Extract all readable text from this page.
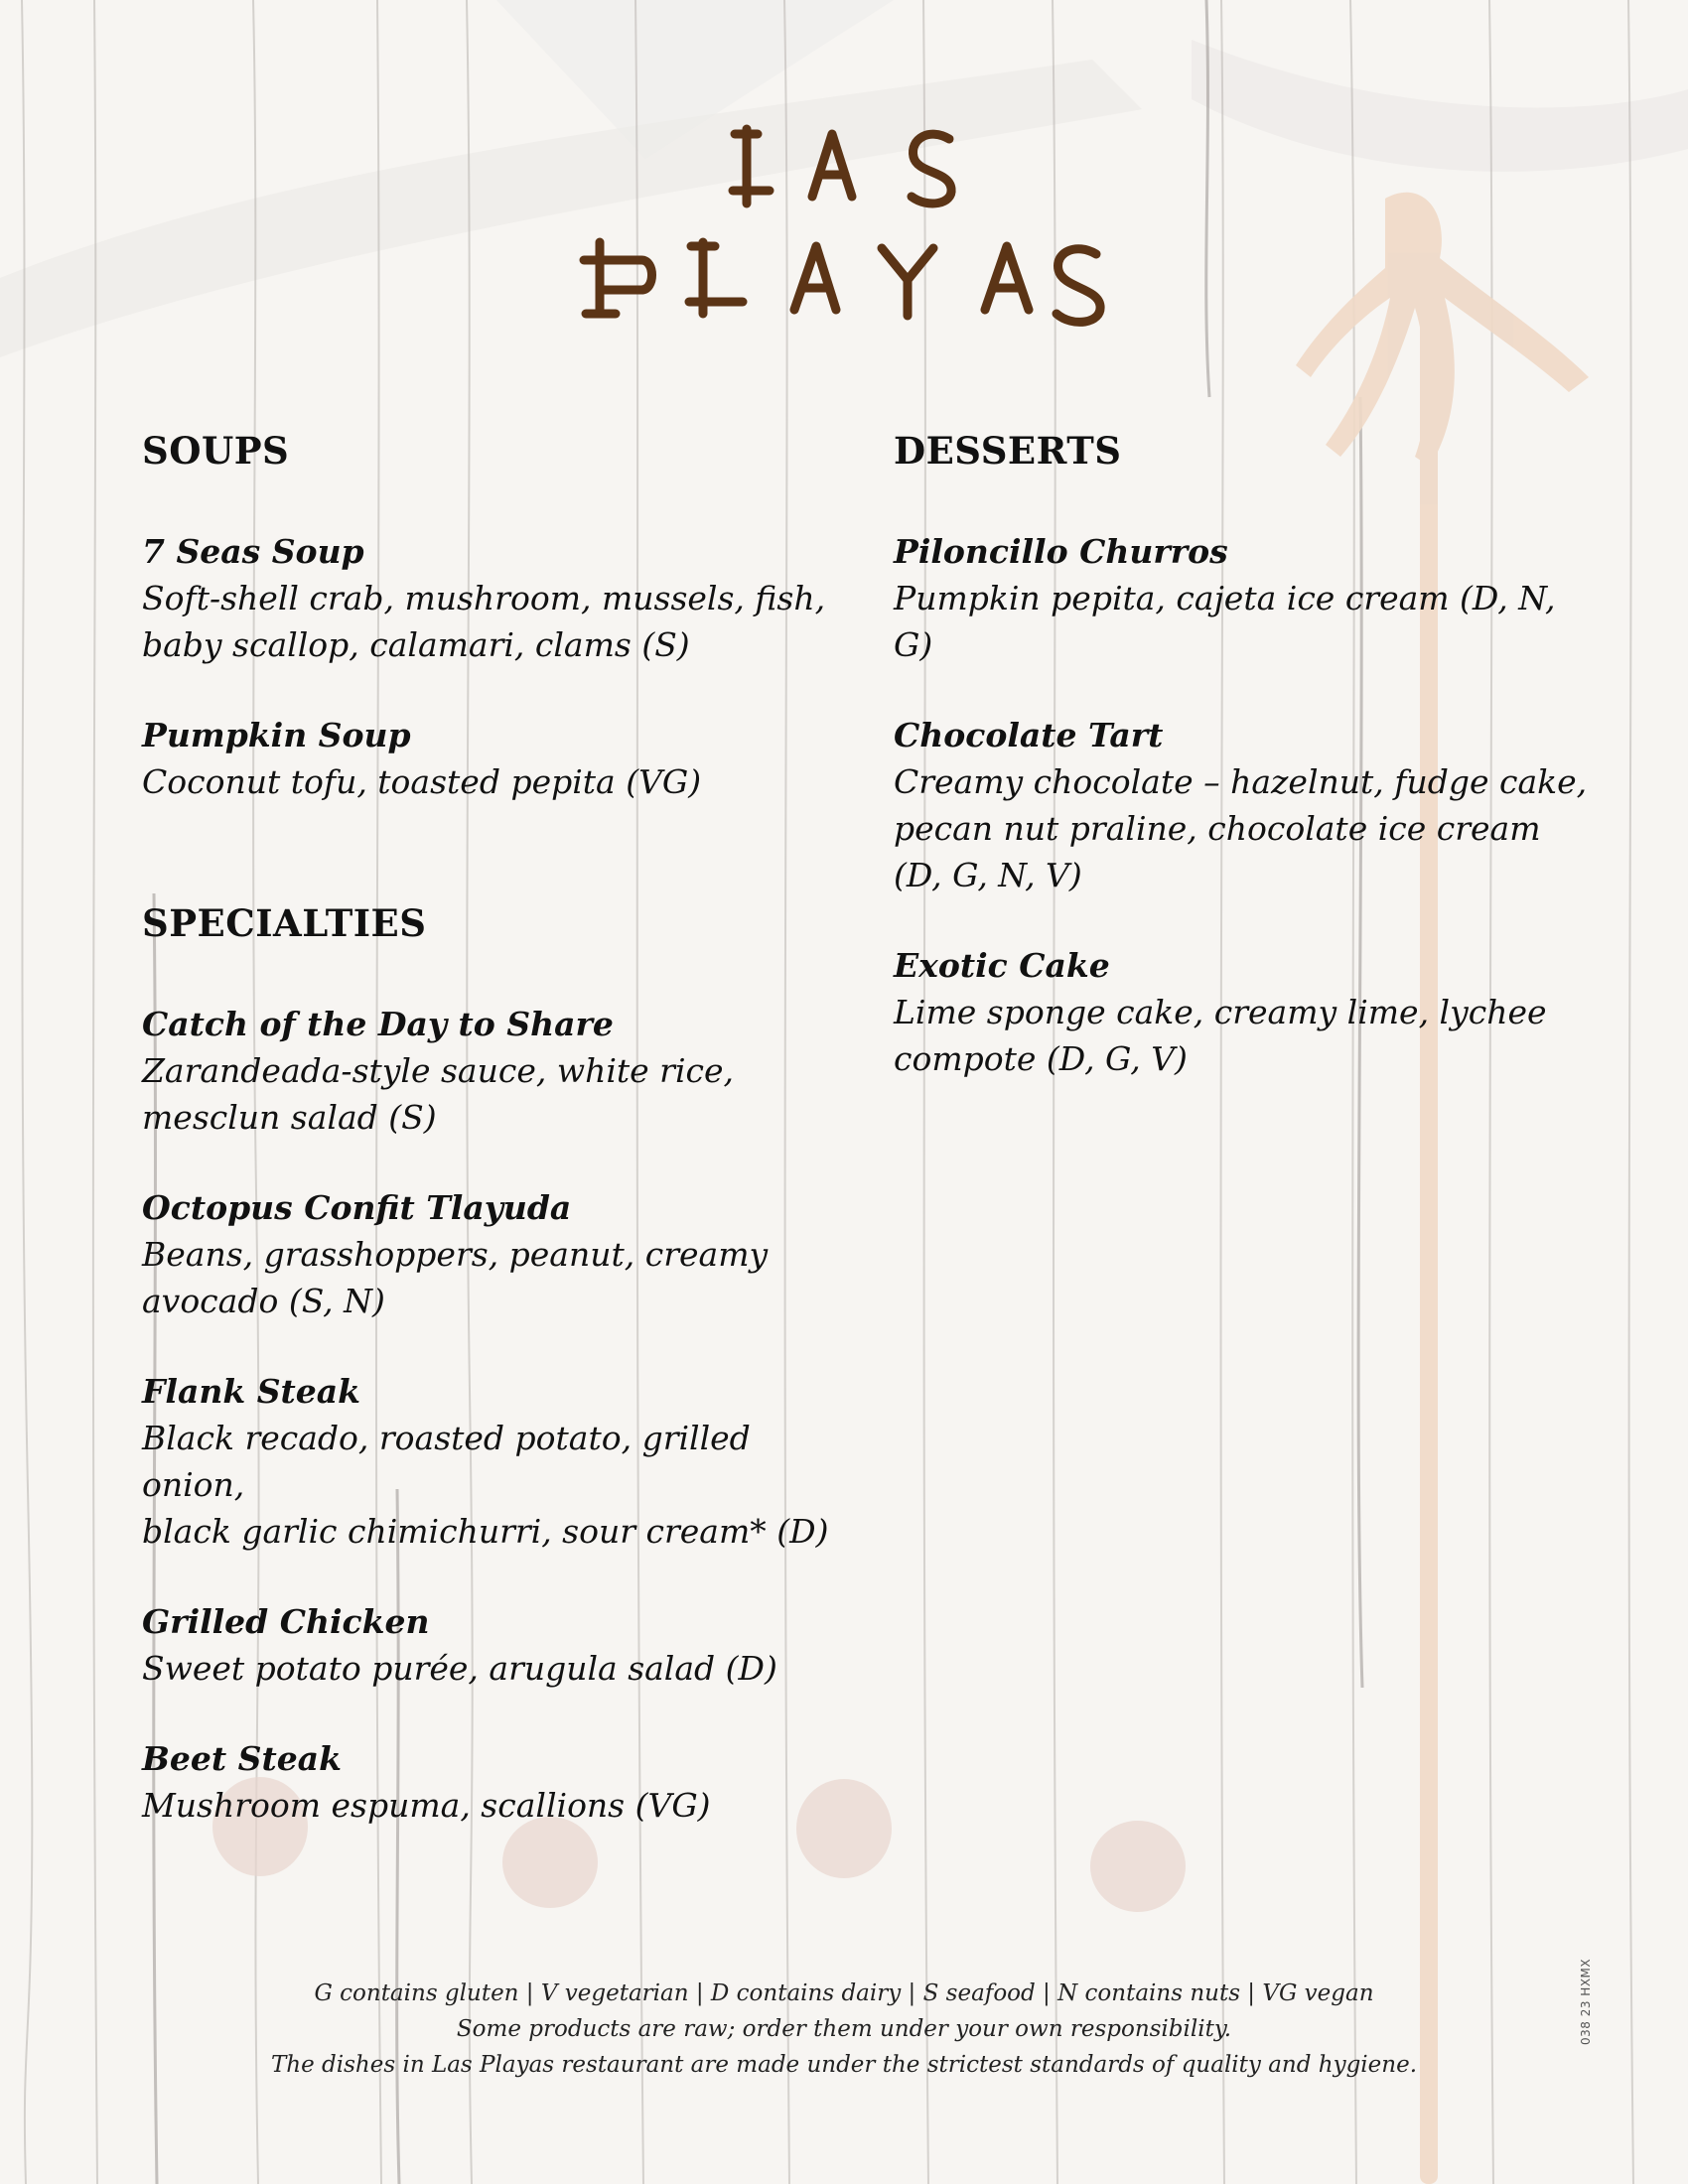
SOUPS
7 Seas Soup
Soft-shell crab, mushroom, mussels, fish,
baby scallop, calamari, clams (S)
Pumpkin Soup
Coconut tofu, toasted pepita (VG)
SPECIALTIES
Catch of the Day to Share
Zarandeada-style sauce, white rice,
mesclun salad (S)
Octopus Confit Tlayuda
Beans, grasshoppers, peanut, creamy
avocado (S, N)
Flank Steak
Black recado, roasted potato, grilled onion,
black garlic chimichurri, sour cream* (D)
Grilled Chicken
Sweet potato purée, arugula salad (D)
Beet Steak
Mushroom espuma, scallions (VG)
DESSERTS
Piloncillo Churros
Pumpkin pepita, cajeta ice cream (D, N, G)
Chocolate Tart
Creamy chocolate – hazelnut, fudge cake,
pecan nut praline, chocolate ice cream
(D, G, N, V)
Exotic Cake
Lime sponge cake, creamy lime, lychee
compote (D, G, V)
G contains gluten | V vegetarian | D contains dairy | S seafood | N contains nuts | VG vegan
Some products are raw; order them under your own responsibility.
The dishes in Las Playas restaurant are made under the strictest standards of quality and hygiene.
038 23 HXMX
